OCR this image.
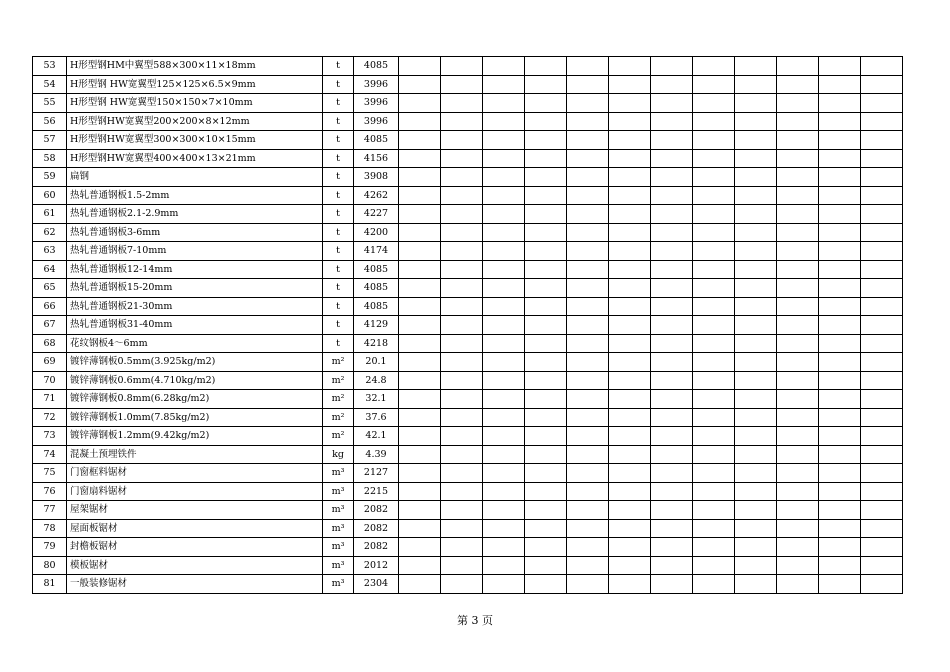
53	H形型钢HM中翼型588×300×11×18mm	t	4085												
54	H形型钢 HW宽翼型125×125×6.5×9mm	t	3996												
55	H形型钢 HW宽翼型150×150×7×10mm	t	3996												
56	H形型钢HW宽翼型200×200×8×12mm	t	3996												
57	H形型钢HW宽翼型300×300×10×15mm	t	4085												
58	H形型钢HW宽翼型400×400×13×21mm	t	4156												
59	扁钢	t	3908												
60	热轧普通钢板1.5-2mm	t	4262												
61	热轧普通钢板2.1-2.9mm	t	4227												
62	热轧普通钢板3-6mm	t	4200												
63	热轧普通钢板7-10mm	t	4174												
64	热轧普通钢板12-14mm	t	4085												
65	热轧普通钢板15-20mm	t	4085												
66	热轧普通钢板21-30mm	t	4085												
67	热轧普通钢板31-40mm	t	4129												
68	花纹钢板4～6mm	t	4218												
69	镀锌薄钢板0.5mm(3.925kg/m2)	m²	20.1												
70	镀锌薄钢板0.6mm(4.710kg/m2)	m²	24.8												
71	镀锌薄钢板0.8mm(6.28kg/m2)	m²	32.1												
72	镀锌薄钢板1.0mm(7.85kg/m2)	m²	37.6												
73	镀锌薄钢板1.2mm(9.42kg/m2)	m²	42.1												
74	混凝土预埋铁件	kg	4.39												
75	门窗框料锯材	m³	2127												
76	门窗扇料锯材	m³	2215												
77	屋架锯材	m³	2082												
78	屋面板锯材	m³	2082												
79	封檐板锯材	m³	2082												
80	模板锯材	m³	2012												
81	一般装修锯材	m³	2304												
第 3 页
